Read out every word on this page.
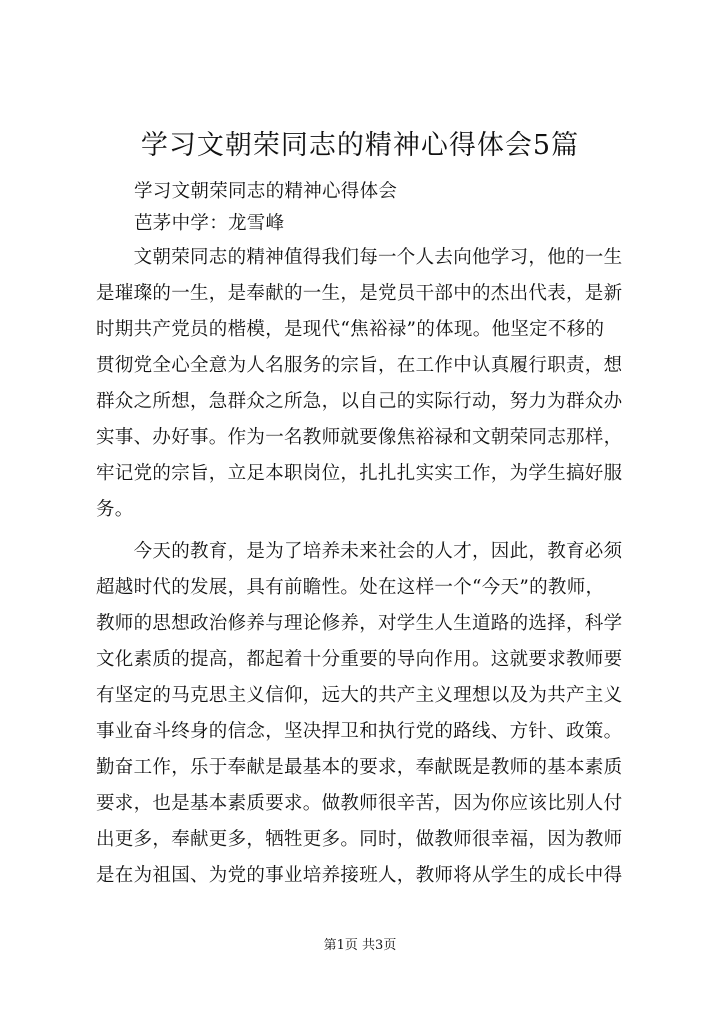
学习文朝荣同志的精神心得体会5篇
学习文朝荣同志的精神心得体会
芭茅中学：龙雪峰
　　文朝荣同志的精神值得我们每一个人去向他学习，他的一生
是璀璨的一生，是奉献的一生，是党员干部中的杰出代表，是新
时期共产党员的楷模，是现代“焦裕禄”的体现。他坚定不移的
贯彻党全心全意为人名服务的宗旨，在工作中认真履行职责，想
群众之所想，急群众之所急，以自己的实际行动，努力为群众办
实事、办好事。作为一名教师就要像焦裕禄和文朝荣同志那样，
牢记党的宗旨，立足本职岗位，扎扎扎实实工作，为学生搞好服
务。
　　今天的教育，是为了培养未来社会的人才，因此，教育必须
超越时代的发展，具有前瞻性。处在这样一个“今天”的教师，
教师的思想政治修养与理论修养，对学生人生道路的选择，科学
文化素质的提高，都起着十分重要的导向作用。这就要求教师要
有坚定的马克思主义信仰，远大的共产主义理想以及为共产主义
事业奋斗终身的信念，坚决捍卫和执行党的路线、方针、政策。
勤奋工作，乐于奉献是最基本的要求，奉献既是教师的基本素质
要求，也是基本素质要求。做教师很辛苦，因为你应该比别人付
出更多，奉献更多，牺牲更多。同时，做教师很幸福，因为教师
是在为祖国、为党的事业培养接班人，教师将从学生的成长中得
第1页 共3页
